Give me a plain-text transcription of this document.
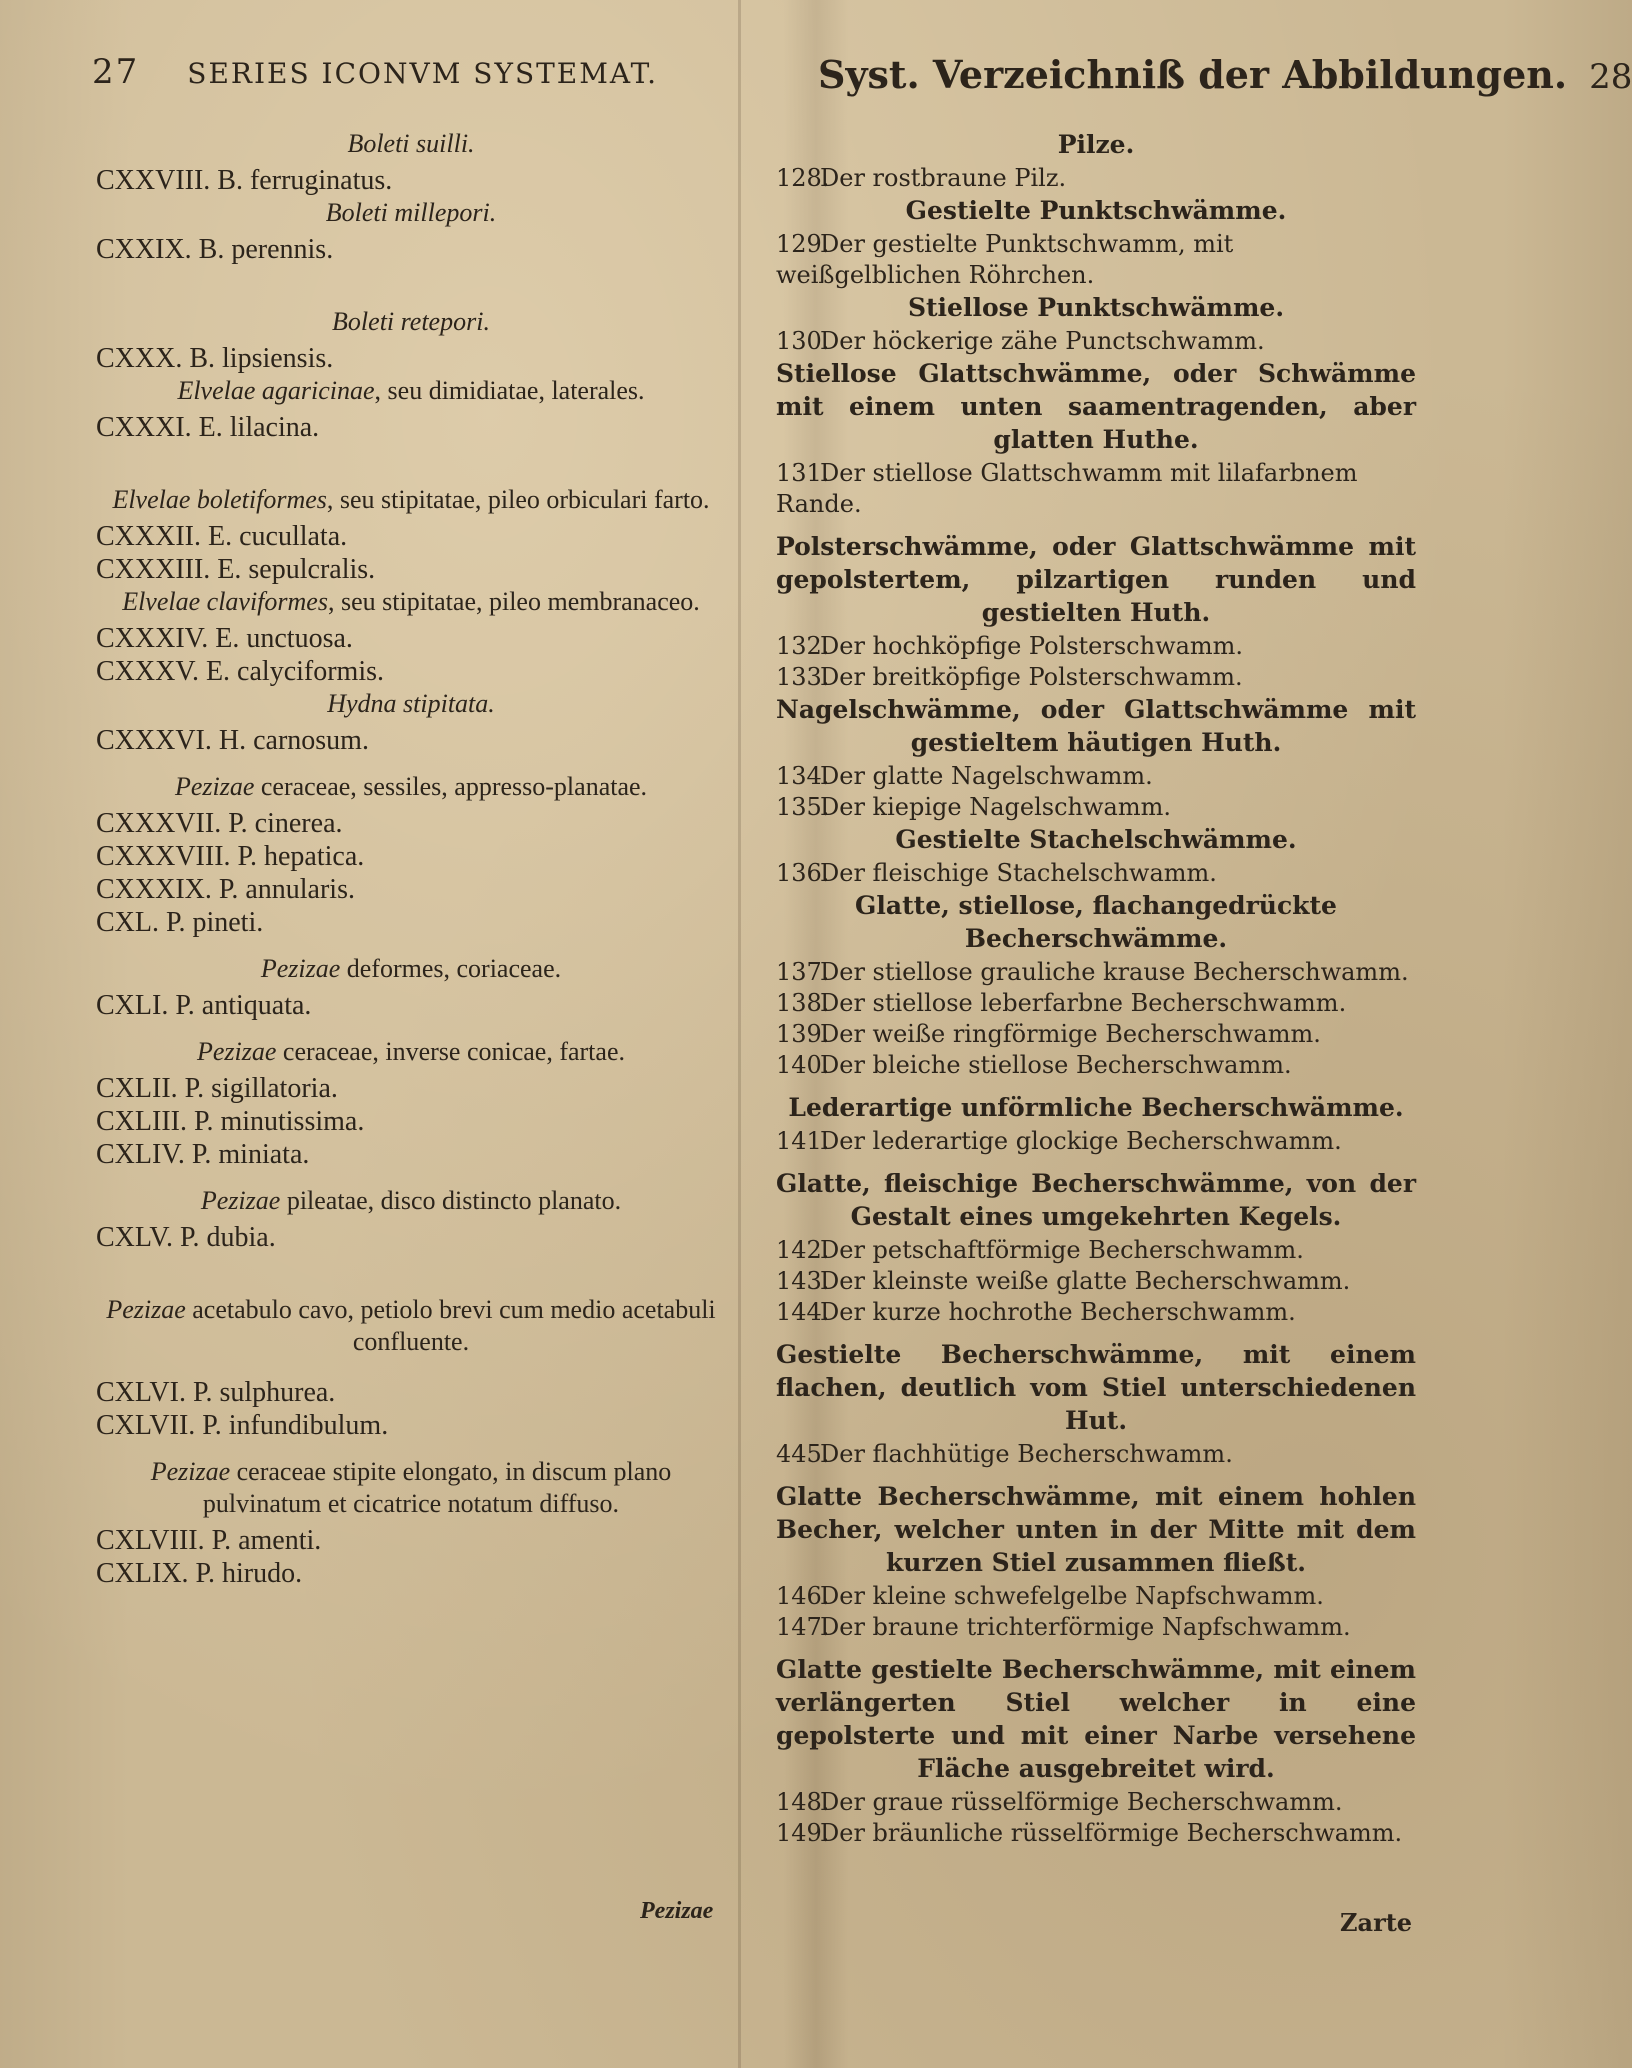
27 SERIES ICONVM SYSTEMAT.	Syst. Verzeichniß der Abbildungen. 28

Boleti suilli.

CXXVIII. B. ferruginatus.

Boleti millepori.

CXXIX. B. perennis.

Boleti retepori.

CXXX. B. lipsiensis.

Elvelae agaricinae, seu dimidiatae, laterales.

CXXXI. E. lilacina.

Elvelae boletiformes, seu stipitatae, pileo orbiculari farto.

CXXXII. E. cucullata.

CXXXIII. E. sepulcralis.

Elvelae claviformes, seu stipitatae, pileo membranaceo.

CXXXIV. E. unctuosa.

CXXXV. E. calyciformis.

Hydna stipitata.

CXXXVI. H. carnosum.

Pezizae ceraceae, sessiles, appresso-planatae.

CXXXVII. P. cinerea.

CXXXVIII. P. hepatica.

CXXXIX. P. annularis.

CXL. P. pineti.

Pezizae deformes, coriaceae.

CXLI. P. antiquata.

Pezizae ceraceae, inverse conicae, fartae.

CXLII. P. sigillatoria.

CXLIII. P. minutissima.

CXLIV. P. miniata.

Pezizae pileatae, disco distincto planato.

CXLV. P. dubia.

Pezizae acetabulo cavo, petiolo brevi cum medio acetabuli confluente.

CXLVI. P. sulphurea.

CXLVII. P. infundibulum.

Pezizae ceraceae stipite elongato, in discum plano pulvinatum et cicatrice notatum diffuso.

CXLVIII. P. amenti.

CXLIX. P. hirudo.

Pilze.

128.Der rostbraune Pilz.

Gestielte Punktschwämme.

129.Der gestielte Punktschwamm, mit weißgelblichen Röhrchen.

Stiellose Punktschwämme.

130.Der höckerige zähe Punctschwamm.

Stiellose Glattschwämme, oder Schwämme mit einem unten saamentragenden, aber glatten Huthe.

131.Der stiellose Glattschwamm mit lilafarbnem Rande.

Polsterschwämme, oder Glattschwämme mit gepolstertem, pilzartigen runden und gestielten Huth.

132.Der hochköpfige Polsterschwamm.

133.Der breitköpfige Polsterschwamm.

Nagelschwämme, oder Glattschwämme mit gestieltem häutigen Huth.

134.Der glatte Nagelschwamm.

135.Der kiepige Nagelschwamm.

Gestielte Stachelschwämme.

136.Der fleischige Stachelschwamm.

Glatte, stiellose, flachangedrückte Becherschwämme.

137.Der stiellose grauliche krause Becherschwamm.

138.Der stiellose leberfarbne Becherschwamm.

139.Der weiße ringförmige Becherschwamm.

140.Der bleiche stiellose Becherschwamm.

Lederartige unförmliche Becherschwämme.

141.Der lederartige glockige Becherschwamm.

Glatte, fleischige Becherschwämme, von der Gestalt eines umgekehrten Kegels.

142.Der petschaftförmige Becherschwamm.

143.Der kleinste weiße glatte Becherschwamm.

144.Der kurze hochrothe Becherschwamm.

Gestielte Becherschwämme, mit einem flachen, deutlich vom Stiel unterschiedenen Hut.

445.Der flachhütige Becherschwamm.

Glatte Becherschwämme, mit einem hohlen Becher, welcher unten in der Mitte mit dem kurzen Stiel zusammen fließt.

146.Der kleine schwefelgelbe Napfschwamm.

147.Der braune trichterförmige Napfschwamm.

Glatte gestielte Becherschwämme, mit einem verlängerten Stiel welcher in eine gepolsterte und mit einer Narbe versehene Fläche ausgebreitet wird.

148.Der graue rüsselförmige Becherschwamm.

149.Der bräunliche rüsselförmige Becherschwamm.

Pezizae	Zarte
